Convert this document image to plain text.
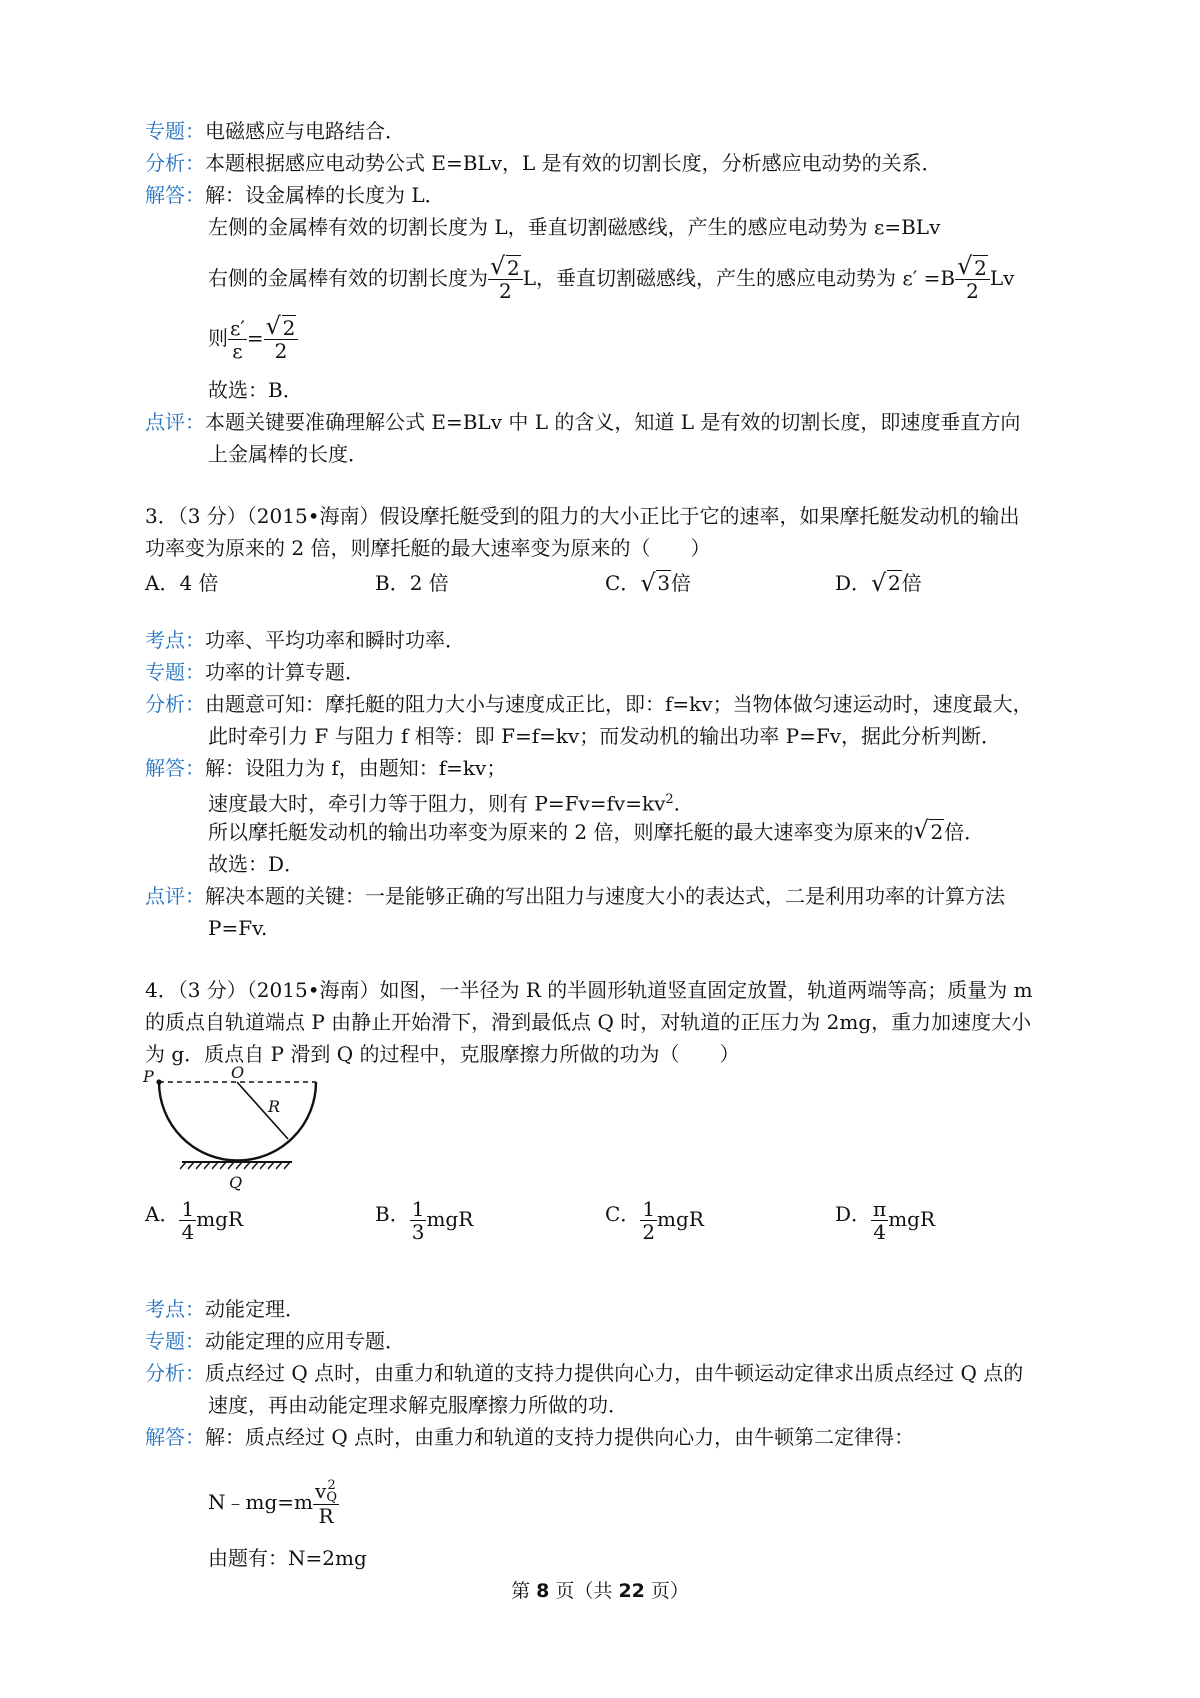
专题：电磁感应与电路结合．
分析：本题根据感应电动势公式 E=BLv，L 是有效的切割长度，分析感应电动势的关系．
解答：解：设金属棒的长度为 L．
左侧的金属棒有效的切割长度为 L，垂直切割磁感线，产生的感应电动势为 ε=BLv
右侧的金属棒有效的切割长度为 √ $\frac{2}{2}$ L，垂直切割磁感线，产生的感应电动势为 ε′ =B √ $\frac{2}{2}$ Lv
则 $\frac{\varepsilon'}{\varepsilon}$ = √ $\frac{2}{2}$
故选：B．
点评：本题关键要准确理解公式 E=BLv 中 L 的含义，知道 L 是有效的切割长度，即速度垂直方向
上金属棒的长度．
3．（3 分）（2015•海南）假设摩托艇受到的阻力的大小正比于它的速率，如果摩托艇发动机的输出
功率变为原来的 2 倍，则摩托艇的最大速率变为原来的（　　）
A．4 倍	B．2 倍	C． √ 3倍	D． √ 2倍
考点：功率、平均功率和瞬时功率．
专题：功率的计算专题．
分析：由题意可知：摩托艇的阻力大小与速度成正比，即：f=kv；当物体做匀速运动时，速度最大，
此时牵引力 F 与阻力 f 相等：即 F=f=kv；而发动机的输出功率 P=Fv，据此分析判断．
解答：解：设阻力为 f，由题知：f=kv；
速度最大时，牵引力等于阻力，则有 $P=Fv=fv=kv^2$.
所以摩托艇发动机的输出功率变为原来的 2 倍，则摩托艇的最大速率变为原来的 √ 2倍．
故选：D．
点评：解决本题的关键：一是能够正确的写出阻力与速度大小的表达式，二是利用功率的计算方法
P=Fv.
4．（3 分）（2015•海南）如图，一半径为 R 的半圆形轨道竖直固定放置，轨道两端等高；质量为 m
的质点自轨道端点 P 由静止开始滑下，滑到最低点 Q 时，对轨道的正压力为 2mg，重力加速度大小
为 g．质点自 P 滑到 Q 的过程中，克服摩擦力所做的功为（　　）
P	O
R
Q
A． $\frac{1}{4}$ mgR	B． $\frac{1}{3}$ mgR	C． $\frac{1}{2}$ mgR	D． $\frac{\pi}{4}$ mgR
考点：动能定理．
专题：动能定理的应用专题．
分析：质点经过 Q 点时，由重力和轨道的支持力提供向心力，由牛顿运动定律求出质点经过 Q 点的
速度，再由动能定理求解克服摩擦力所做的功．
解答：解：质点经过 Q 点时，由重力和轨道的支持力提供向心力，由牛顿第二定律得：
N﹣mg=m v 2
Q
R
由题有：N=2mg
第 8 页（共 22 页）
